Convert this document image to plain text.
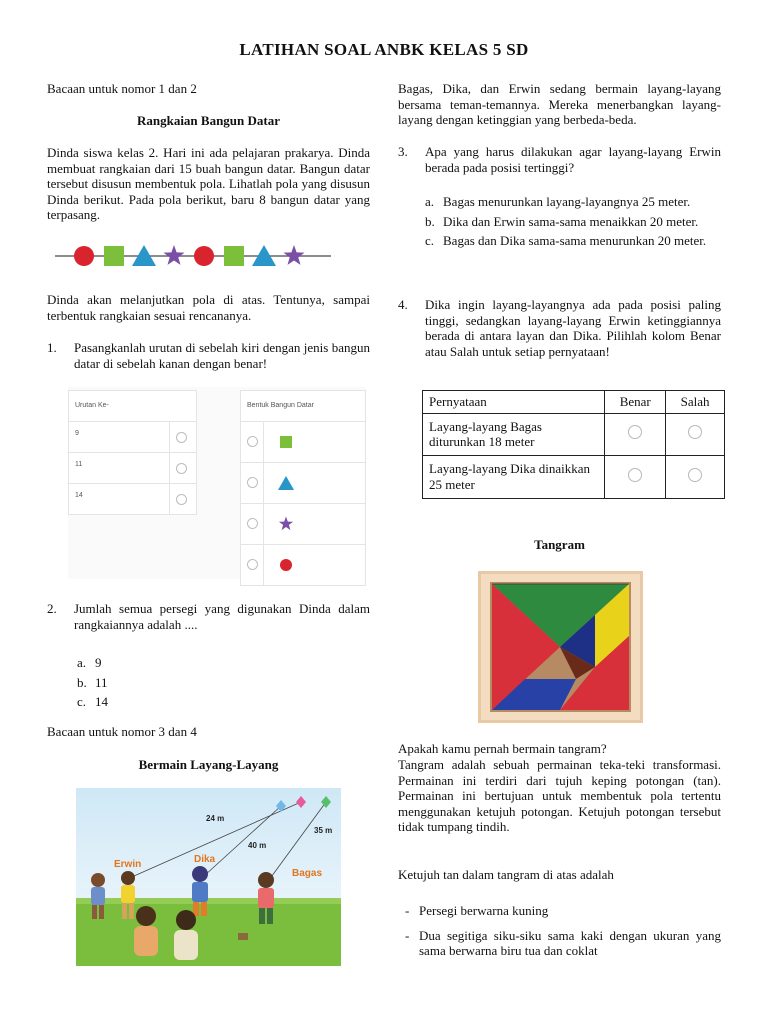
LATIHAN SOAL ANBK KELAS 5 SD
Bacaan untuk nomor 1 dan 2
Rangkaian Bangun Datar
Dinda siswa kelas 2. Hari ini ada pelajaran prakarya. Dinda membuat rangkaian dari 15 buah bangun datar. Bangun datar tersebut disusun membentuk pola. Lihatlah pola yang disusun Dinda berikut. Pada pola berikut, baru 8 bangun datar yang terpasang.
Dinda akan melanjutkan pola di atas. Tentunya, sampai terbentuk rangkaian sesuai rencananya.
1. Pasangkanlah urutan di sebelah kiri dengan jenis bangun datar di sebelah kanan dengan benar!
Urutan Ke-
9
11
14
Bentuk Bangun Datar
2. Jumlah semua persegi yang digunakan Dinda dalam rangkaiannya adalah ....
a. 9
b. 11
c. 14
Bacaan untuk nomor 3 dan 4
Bermain Layang-Layang
24 m
40 m
35 m
Erwin	Dika
Bagas
Bagas, Dika, dan Erwin sedang bermain layang-layang bersama teman-temannya. Mereka menerbangkan layang-layang dengan ketinggian yang berbeda-beda.
3. Apa yang harus dilakukan agar layang-layang Erwin berada pada posisi tertinggi?
a. Bagas menurunkan layang-layangnya 25 meter.
b. Dika dan Erwin sama-sama menaikkan 20 meter.
c. Bagas dan Dika sama-sama menurunkan 20 meter.
4. Dika ingin layang-layangnya ada pada posisi paling tinggi, sedangkan layang-layang Erwin ketinggiannya berada di antara layan dan Dika. Pilihlah kolom Benar atau Salah untuk setiap pernyataan!
Pernyataan	Benar	Salah
Layang-layang Bagas diturunkan 18 meter		
Layang-layang Dika dinaikkan 25 meter		
Tangram
Apakah kamu pernah bermain tangram?
Tangram adalah sebuah permainan teka-teki transformasi. Permainan ini terdiri dari tujuh keping potongan (tan). Permainan ini bertujuan untuk membentuk pola tertentu menggunakan ketujuh potongan. Ketujuh potongan tersebut tidak tumpang tindih.
Ketujuh tan dalam tangram di atas adalah
- Persegi berwarna kuning
- Dua segitiga siku-siku sama kaki dengan ukuran yang sama berwarna biru tua dan coklat
